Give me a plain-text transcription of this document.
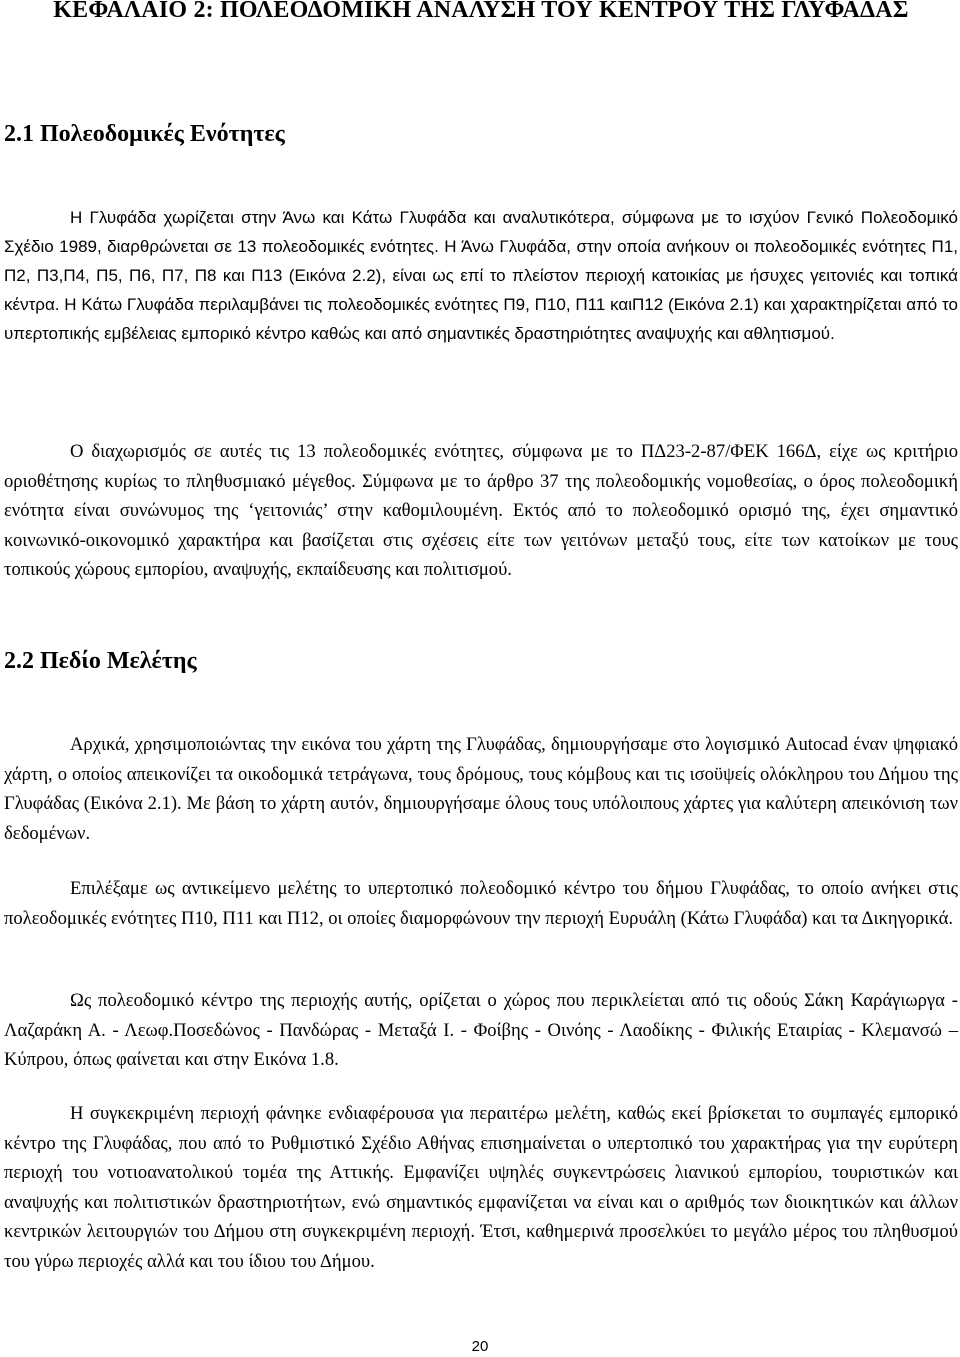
ΚΕΦΑΛΑΙΟ 2: ΠΟΛΕΟΔΟΜΙΚΗ ΑΝΑΛΥΣΗ ΤΟΥ ΚΕΝΤΡΟΥ ΤΗΣ ΓΛΥΦΑΔΑΣ
2.1 Πολεοδομικές Ενότητες

Η Γλυφάδα χωρίζεται στην Άνω και Κάτω Γλυφάδα και αναλυτικότερα, σύμφωνα με το ισχύον Γενικό Πολεοδομικό Σχέδιο 1989, διαρθρώνεται σε 13 πολεοδομικές ενότητες. Η Άνω Γλυφάδα, στην οποία ανήκουν οι πολεοδομικές ενότητες Π1, Π2, Π3,Π4, Π5, Π6, Π7, Π8 και Π13 (Εικόνα 2.2), είναι ως επί το πλείστον περιοχή κατοικίας με ήσυχες γειτονιές και τοπικά κέντρα. Η Κάτω Γλυφάδα περιλαμβάνει τις πολεοδομικές ενότητες Π9, Π10, Π11 καιΠ12 (Εικόνα 2.1) και χαρακτηρίζεται από το υπερτοπικής εμβέλειας εμπορικό κέντρο καθώς και από σημαντικές δραστηριότητες αναψυχής και αθλητισμού.

Ο διαχωρισμός σε αυτές τις 13 πολεοδομικές ενότητες, σύμφωνα με το ΠΔ23-2-87/ΦΕΚ 166Δ, είχε ως κριτήριο οριοθέτησης κυρίως το πληθυσμιακό μέγεθος. Σύμφωνα με το άρθρο 37 της πολεοδομικής νομοθεσίας, ο όρος πολεοδομική ενότητα είναι συνώνυμος της ‘γειτονιάς’ στην καθομιλουμένη. Εκτός από το πολεοδομικό ορισμό της, έχει σημαντικό κοινωνικό-οικονομικό χαρακτήρα και βασίζεται στις σχέσεις είτε των γειτόνων μεταξύ τους, είτε των κατοίκων με τους τοπικούς χώρους εμπορίου, αναψυχής, εκπαίδευσης και πολιτισμού.

2.2 Πεδίο Μελέτης

Αρχικά, χρησιμοποιώντας την εικόνα του χάρτη της Γλυφάδας, δημιουργήσαμε στο λογισμικό Autocad έναν ψηφιακό χάρτη, ο οποίος απεικονίζει τα οικοδομικά τετράγωνα, τους δρόμους, τους κόμβους και τις ισοϋψείς ολόκληρου του Δήμου της Γλυφάδας (Εικόνα 2.1). Με βάση το χάρτη αυτόν, δημιουργήσαμε όλους τους υπόλοιπους χάρτες για καλύτερη απεικόνιση των δεδομένων.

Επιλέξαμε ως αντικείμενο μελέτης το υπερτοπικό πολεοδομικό κέντρο του δήμου Γλυφάδας, το οποίο ανήκει στις πολεοδομικές ενότητες Π10, Π11 και Π12, οι οποίες διαμορφώνουν την περιοχή Ευρυάλη (Κάτω Γλυφάδα) και τα Δικηγορικά.

Ως πολεοδομικό κέντρο της περιοχής αυτής, ορίζεται ο χώρος που περικλείεται από τις οδούς Σάκη Καράγιωργα - Λαζαράκη Α. - Λεωφ.Ποσεδώνος - Πανδώρας - Μεταξά Ι. - Φοίβης - Οινόης - Λαοδίκης - Φιλικής Εταιρίας - Κλεμανσώ – Κύπρου, όπως φαίνεται και στην Εικόνα 1.8.

Η συγκεκριμένη περιοχή φάνηκε ενδιαφέρουσα για περαιτέρω μελέτη, καθώς εκεί βρίσκεται το συμπαγές εμπορικό κέντρο της Γλυφάδας, που από το Ρυθμιστικό Σχέδιο Αθήνας επισημαίνεται ο υπερτοπικό του χαρακτήρας για την ευρύτερη περιοχή του νοτιοανατολικού τομέα της Αττικής. Εμφανίζει υψηλές συγκεντρώσεις λιανικού εμπορίου, τουριστικών και αναψυχής και πολιτιστικών δραστηριοτήτων, ενώ σημαντικός εμφανίζεται να είναι και ο αριθμός των διοικητικών και άλλων κεντρικών λειτουργιών του Δήμου στη συγκεκριμένη περιοχή. Έτσι, καθημερινά προσελκύει το μεγάλο μέρος του πληθυσμού του γύρω περιοχές αλλά και του ίδιου του Δήμου.

20
